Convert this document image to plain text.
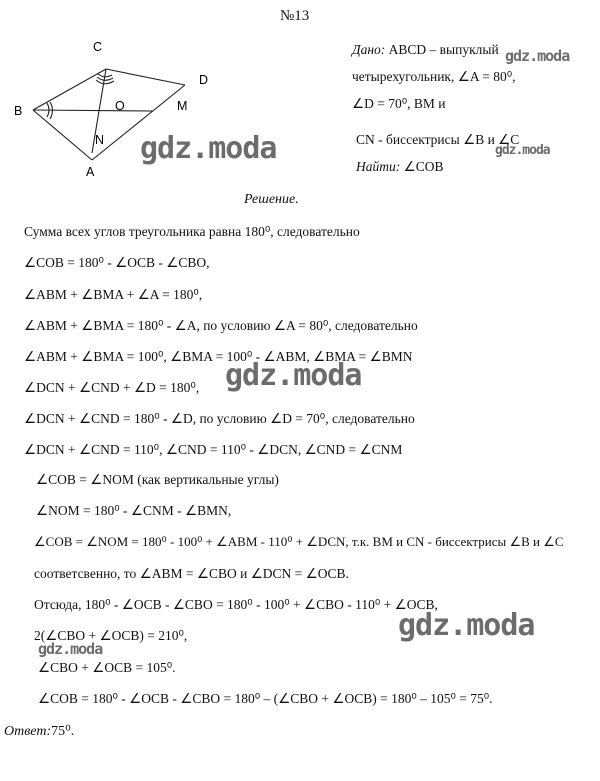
№13
C
D
B	O	M
N
A
Дано: ABCD – выпуклый
четырехугольник, ∠A = 80⁰,
∠D = 70⁰, BM и
CN - биссектрисы ∠B и ∠C
Найти: ∠COB
Решение.
Сумма всех углов треугольника равна 180⁰, следовательно
∠COB = 180⁰ - ∠OCB - ∠CBO,
∠ABM + ∠BMA + ∠A = 180⁰,
∠ABM + ∠BMA = 180⁰ - ∠A, по условию ∠A = 80⁰, следовательно
∠ABM + ∠BMA = 100⁰, ∠BMA = 100⁰ - ∠ABM, ∠BMA = ∠BMN
∠DCN + ∠CND + ∠D = 180⁰,
∠DCN + ∠CND = 180⁰ - ∠D, по условию ∠D = 70⁰, следовательно
∠DCN + ∠CND = 110⁰, ∠CND = 110⁰ - ∠DCN, ∠CND = ∠CNM
∠COB = ∠NOM (как вертикальные углы)
∠NOM = 180⁰ - ∠CNM - ∠BMN,
∠COB = ∠NOM = 180⁰ - 100⁰ + ∠ABM - 110⁰ + ∠DCN, т.к. BM и CN - биссектрисы ∠B и ∠C
соответсвенно, то ∠ABM = ∠CBO и ∠DCN = ∠OCB.
Отсюда, 180⁰ - ∠OCB - ∠CBO = 180⁰ - 100⁰ + ∠CBO - 110⁰ + ∠OCB,
2(∠CBO + ∠OCB) = 210⁰,
∠CBO + ∠OCB = 105⁰.
∠COB = 180⁰ - ∠OCB - ∠CBO = 180⁰ – (∠CBO + ∠OCB) = 180⁰ – 105⁰ = 75⁰.
Ответ:75⁰.
gdz.moda
gdz.moda
gdz.moda
gdz.moda
gdz.moda
gdz.moda
